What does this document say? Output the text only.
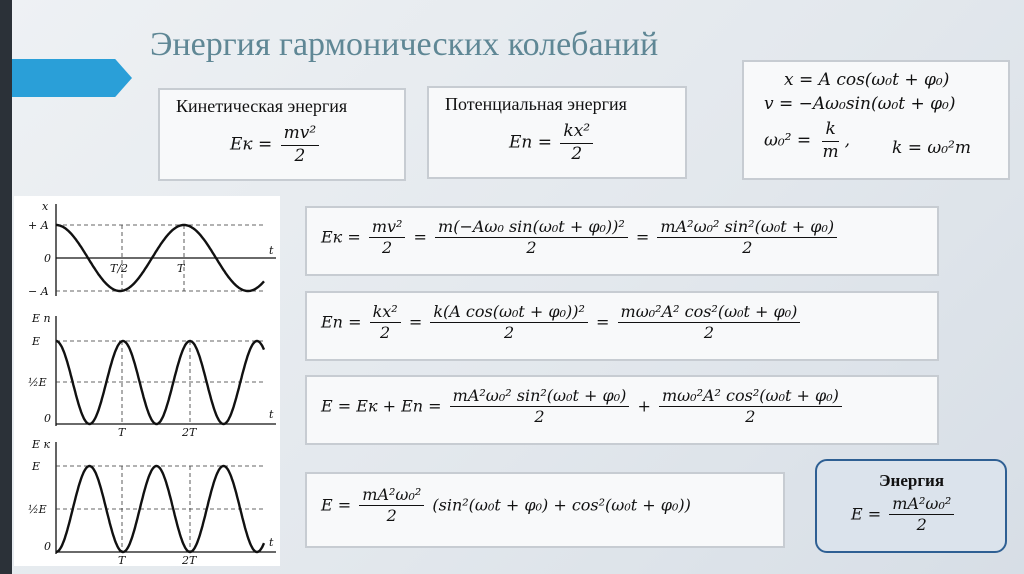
Энергия гармонических колебаний
Кинетическая энергия
Eк = $\frac{\text{mv²}}{2}$
Потенциальная энергия
Eп = $\frac{\text{kx²}}{2}$
x = A cos(ω₀t + φ₀)
v = −Aω₀sin(ω₀t + φ₀)
$\omega_0^2 = \frac{k}{m}$ , k = ω₀²m
x
+ A
0
− A
t
T/2	T
E п
E
½E
0	t
T	2T
E к
E
½E
0	t
T	2T
Eк = $\frac{\text{mv²}}{2} = \frac{\text{m(−Aω₀ sin(ω₀t + φ₀))²}}{2} = \frac{\text{mA²ω₀² sin²(ω₀t + φ₀)}}{2}$
Eп = $\frac{\text{kx²}}{2} = \frac{\text{k(A cos(ω₀t + φ₀))²}}{2} = \frac{\text{mω₀²A² cos²(ω₀t + φ₀)}}{2}$
E = Eк + Eп = $\frac{\text{mA²ω₀² sin²(ω₀t + φ₀)}}{2} + \frac{\text{mω₀²A² cos²(ω₀t + φ₀)}}{2}$
$E = \frac{\text{mA²ω₀²}}{2} (\sin^2(\omega_0t + \varphi_0) + \cos^2(\omega_0t + \varphi_0))$
Энергия
$E = \frac{\text{mA²ω₀²}}{2}$
